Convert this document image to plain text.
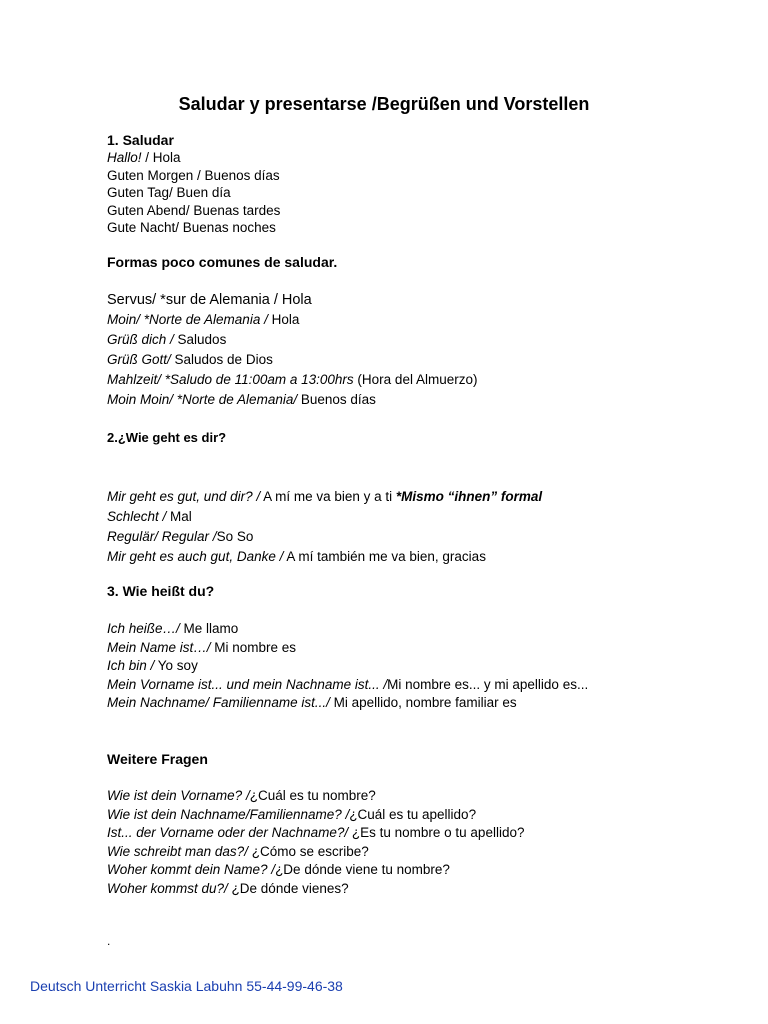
Saludar y presentarse /Begrüßen und Vorstellen

1. Saludar

Hallo! / Hola

Guten Morgen / Buenos días

Guten Tag/ Buen día

Guten Abend/ Buenas tardes

Gute Nacht/ Buenas noches

Formas poco comunes de saludar.

Servus/ *sur de Alemania / Hola

Moin/ *Norte de Alemania / Hola

Grüß dich / Saludos

Grüß Gott/ Saludos de Dios

Mahlzeit/ *Saludo de 11:00am a 13:00hrs (Hora del Almuerzo)

Moin Moin/ *Norte de Alemania/ Buenos días

2.¿Wie geht es dir?

Mir geht es gut, und dir? / A mí me va bien y a ti *Mismo “ihnen” formal

Schlecht / Mal

Regulär/ Regular /So So

Mir geht es auch gut, Danke / A mí también me va bien, gracias

3. Wie heißt du?

Ich heiße…/ Me llamo

Mein Name ist…/ Mi nombre es

Ich bin / Yo soy

Mein Vorname ist... und mein Nachname ist... /Mi nombre es... y mi apellido es...

Mein Nachname/ Familienname ist.../ Mi apellido, nombre familiar es

Weitere Fragen

Wie ist dein Vorname? /¿Cuál es tu nombre?

Wie ist dein Nachname/Familienname? /¿Cuál es tu apellido?

Ist... der Vorname oder der Nachname?/ ¿Es tu nombre o tu apellido?

Wie schreibt man das?/ ¿Cómo se escribe?

Woher kommt dein Name? /¿De dónde viene tu nombre?

Woher kommst du?/ ¿De dónde vienes?

.

Deutsch Unterricht Saskia Labuhn 55-44-99-46-38
